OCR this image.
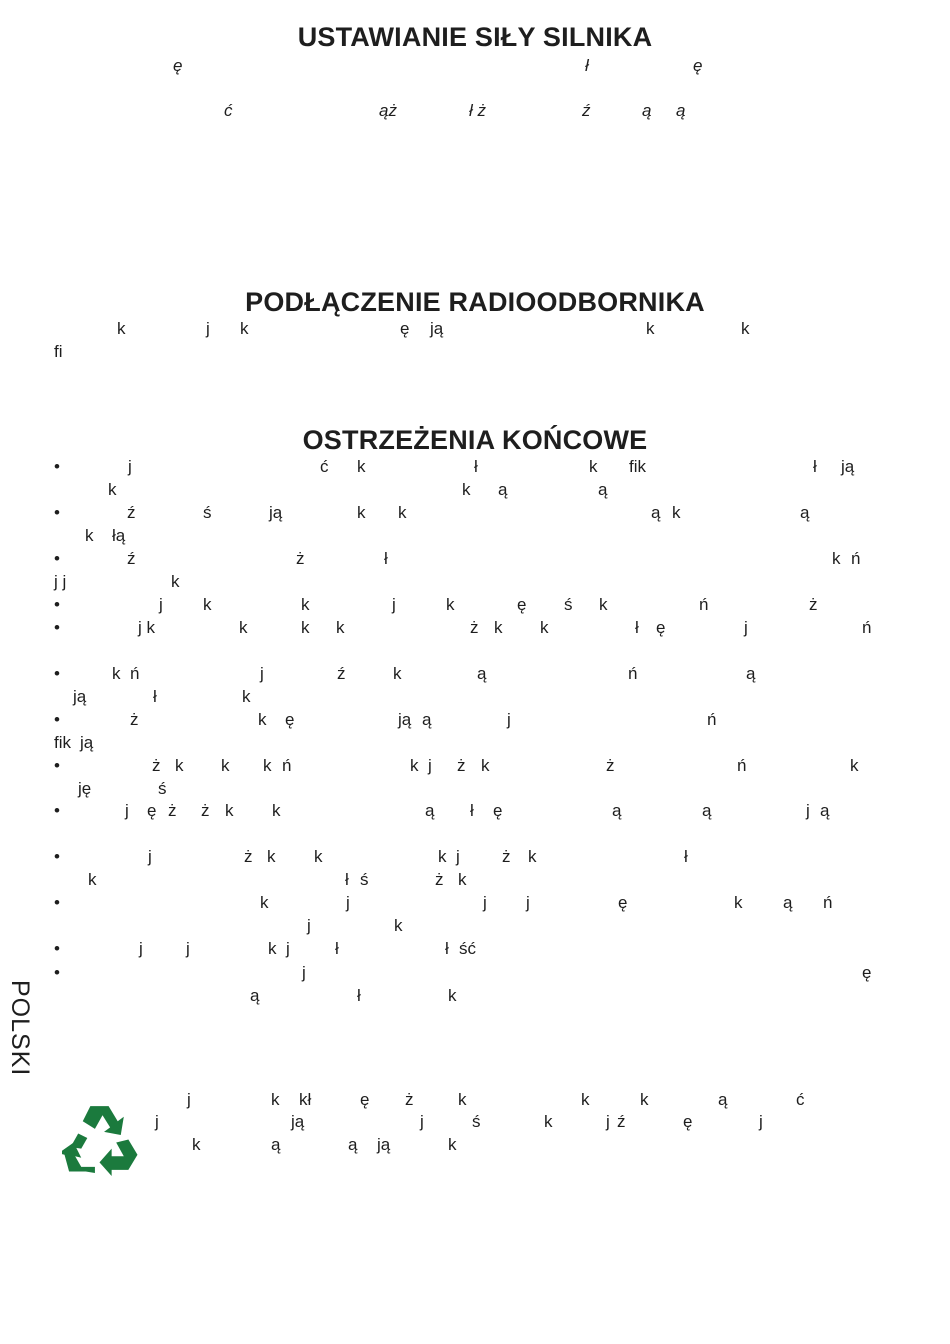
USTAWIANIE SIŁY SILNIKA
ę	ł	ę
ć	ąż	ł ż	ź	ą ą
PODŁĄCZENIE RADIOODBORNIKA
k	j k	ę ją	k	k
fi
OSTRZEŻENIA KOŃCOWE
•	j	ć k	ł	k fik	ł ją
k	k ą	ą
•	ź	ś	ją	k k	ą k	ą
k łą
•	ź	ż	ł	k ń
j j	k
•	j k	k	j	k	ę ś k	ń	ż
•	j k	k	k k	ż k k	ł ę	j	ń
•	k ń	j	ź	k	ą	ń	ą
ją	ł	k
•	ż	k ę	ją ą	j	ń
fik ją
•	ż k k k ń	k j ż k	ż	ń	k
ję	ś
•	j ę ż ż k k	ą ł ę	ą	ą	j ą
•	j	ż k k	k j ż k	ł
k	ł ś	ż k
•	k	j	j j	ę	k ą ń
j	k
•	j	j	k j	ł	ł ść
•	j	ę
ą	ł	k
j	k kł	ę ż	k	k	k	ą	ć
j	ją	j	ś	k	j ź	ę	j
k	ą	ą ją	k
POLSKI
